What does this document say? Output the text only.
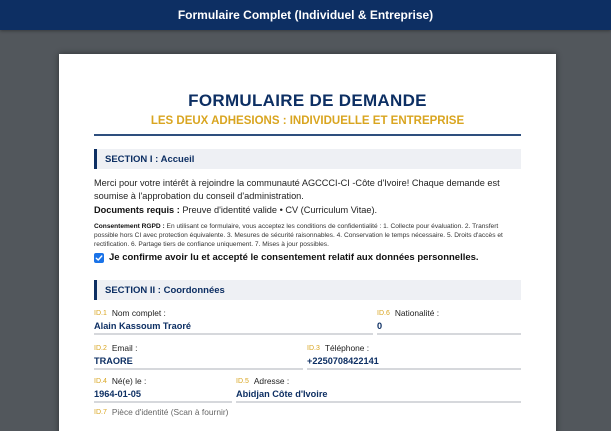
Formulaire Complet (Individuel & Entreprise)
FORMULAIRE DE DEMANDE
LES DEUX ADHESIONS : INDIVIDUELLE ET ENTREPRISE
SECTION I : Accueil
Merci pour votre intérêt à rejoindre la communauté AGCCCI-CI -Côte d'Ivoire! Chaque demande est soumise à l'approbation du conseil d'administration.
Documents requis : Preuve d'identité valide • CV (Curriculum Vitae).
Consentement RGPD : En utilisant ce formulaire, vous acceptez les conditions de confidentialité : 1. Collecte pour évaluation. 2. Transfert possible hors CI avec protection équivalente. 3. Mesures de sécurité raisonnables. 4. Conservation le temps nécessaire. 5. Droits d'accès et rectification. 6. Partage tiers de confiance uniquement. 7. Mises à jour possibles.
Je confirme avoir lu et accepté le consentement relatif aux données personnelles.
SECTION II : Coordonnées
ID.1 Nom complet :
Alain Kassoum Traoré
ID.6 Nationalité :
0
ID.2 Email :
TRAORE
ID.3 Téléphone :
+2250708422141
ID.4 Né(e) le :
1964-01-05
ID.5 Adresse :
Abidjan Côte d'Ivoire
ID.7 Pièce d'identité (Scan à fournir)
